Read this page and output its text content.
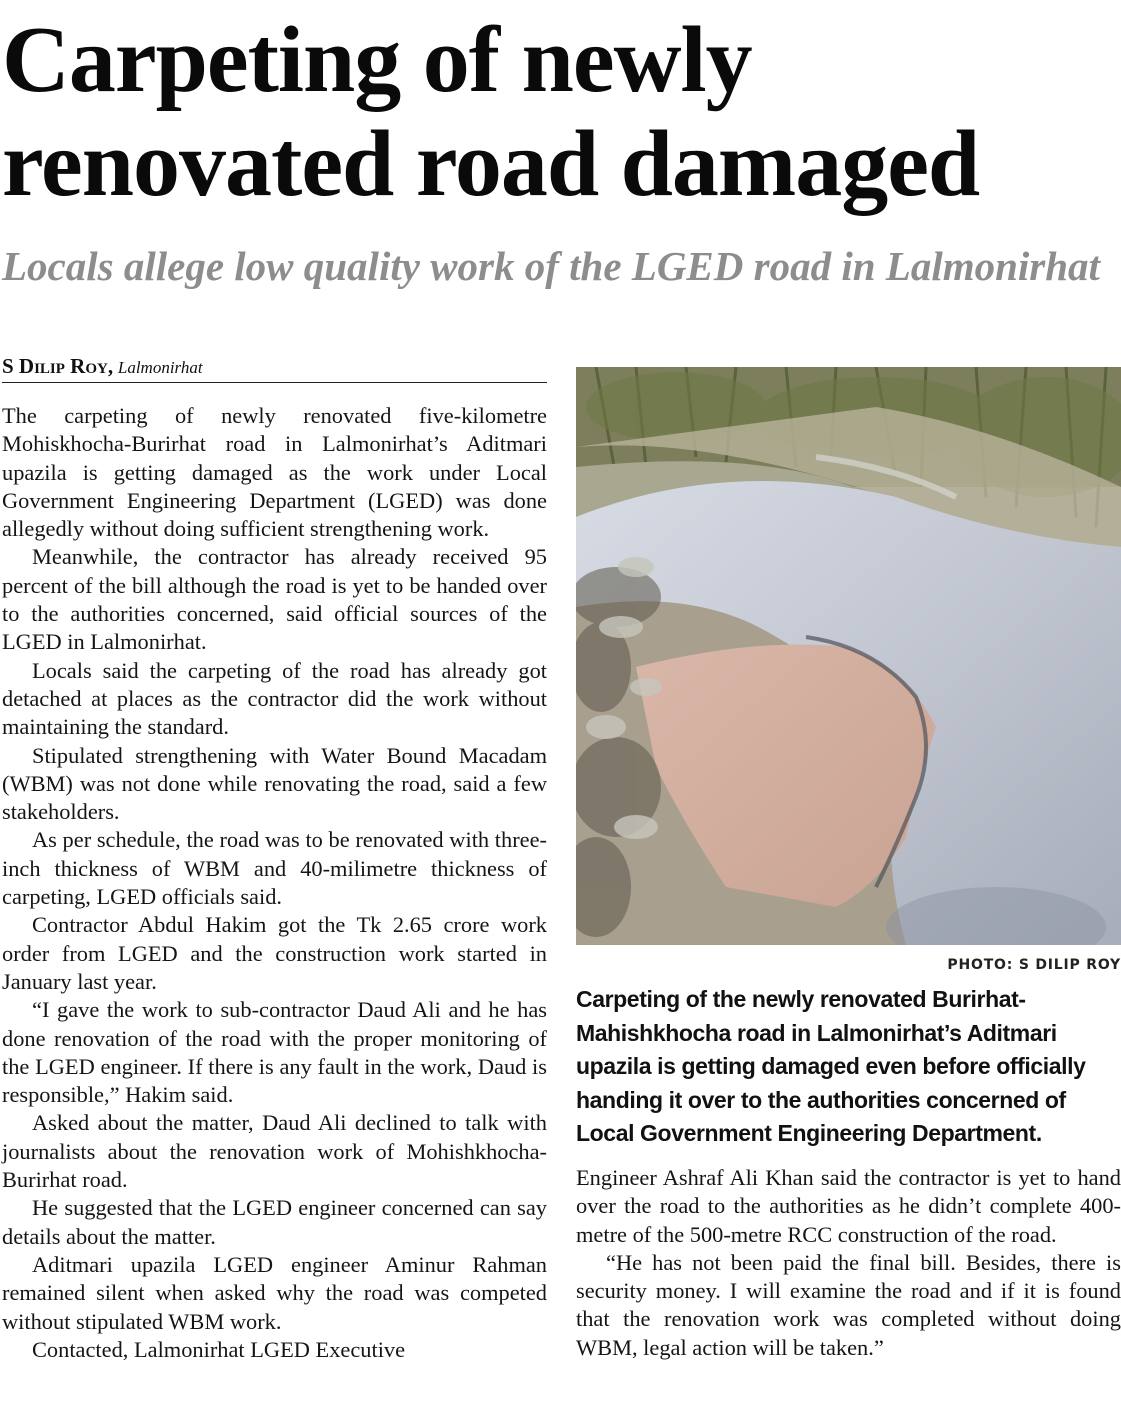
Carpeting of newly
renovated road damaged
Locals allege low quality work of the LGED road in Lalmonirhat
S Dilip Roy, Lalmonirhat

The carpeting of newly renovated five-kilometre Mohiskhocha-Burirhat road in Lalmonirhat’s Aditmari upazila is getting damaged as the work under Local Government Engineering Department (LGED) was done allegedly without doing sufficient strengthening work.

Meanwhile, the contractor has already received 95 percent of the bill although the road is yet to be handed over to the authorities concerned, said official sources of the LGED in Lalmonirhat.

Locals said the carpeting of the road has already got detached at places as the contractor did the work without maintaining the standard.

Stipulated strengthening with Water Bound Macadam (WBM) was not done while renovating the road, said a few stakeholders.

As per schedule, the road was to be renovated with three-inch thickness of WBM and 40-milimetre thickness of carpeting, LGED officials said.

Contractor Abdul Hakim got the Tk 2.65 crore work order from LGED and the construction work started in January last year.

“I gave the work to sub-contractor Daud Ali and he has done renovation of the road with the proper monitoring of the LGED engineer. If there is any fault in the work, Daud is responsible,” Hakim said.

Asked about the matter, Daud Ali declined to talk with journalists about the renovation work of Mohishkhocha-Burirhat road.

He suggested that the LGED engineer concerned can say details about the matter.

Aditmari upazila LGED engineer Aminur Rahman remained silent when asked why the road was competed without stipulated WBM work.

Contacted, Lalmonirhat LGED Executive

PHOTO: S DILIP ROY

Carpeting of the newly renovated Burirhat-Mahishkhocha road in Lalmonirhat’s Aditmari upazila is getting damaged even before officially handing it over to the authorities concerned of Local Government Engineering Department.

Engineer Ashraf Ali Khan said the contractor is yet to hand over the road to the authorities as he didn’t complete 400-metre of the 500-metre RCC construction of the road.

“He has not been paid the final bill. Besides, there is security money. I will examine the road and if it is found that the renovation work was completed without doing WBM, legal action will be taken.”
